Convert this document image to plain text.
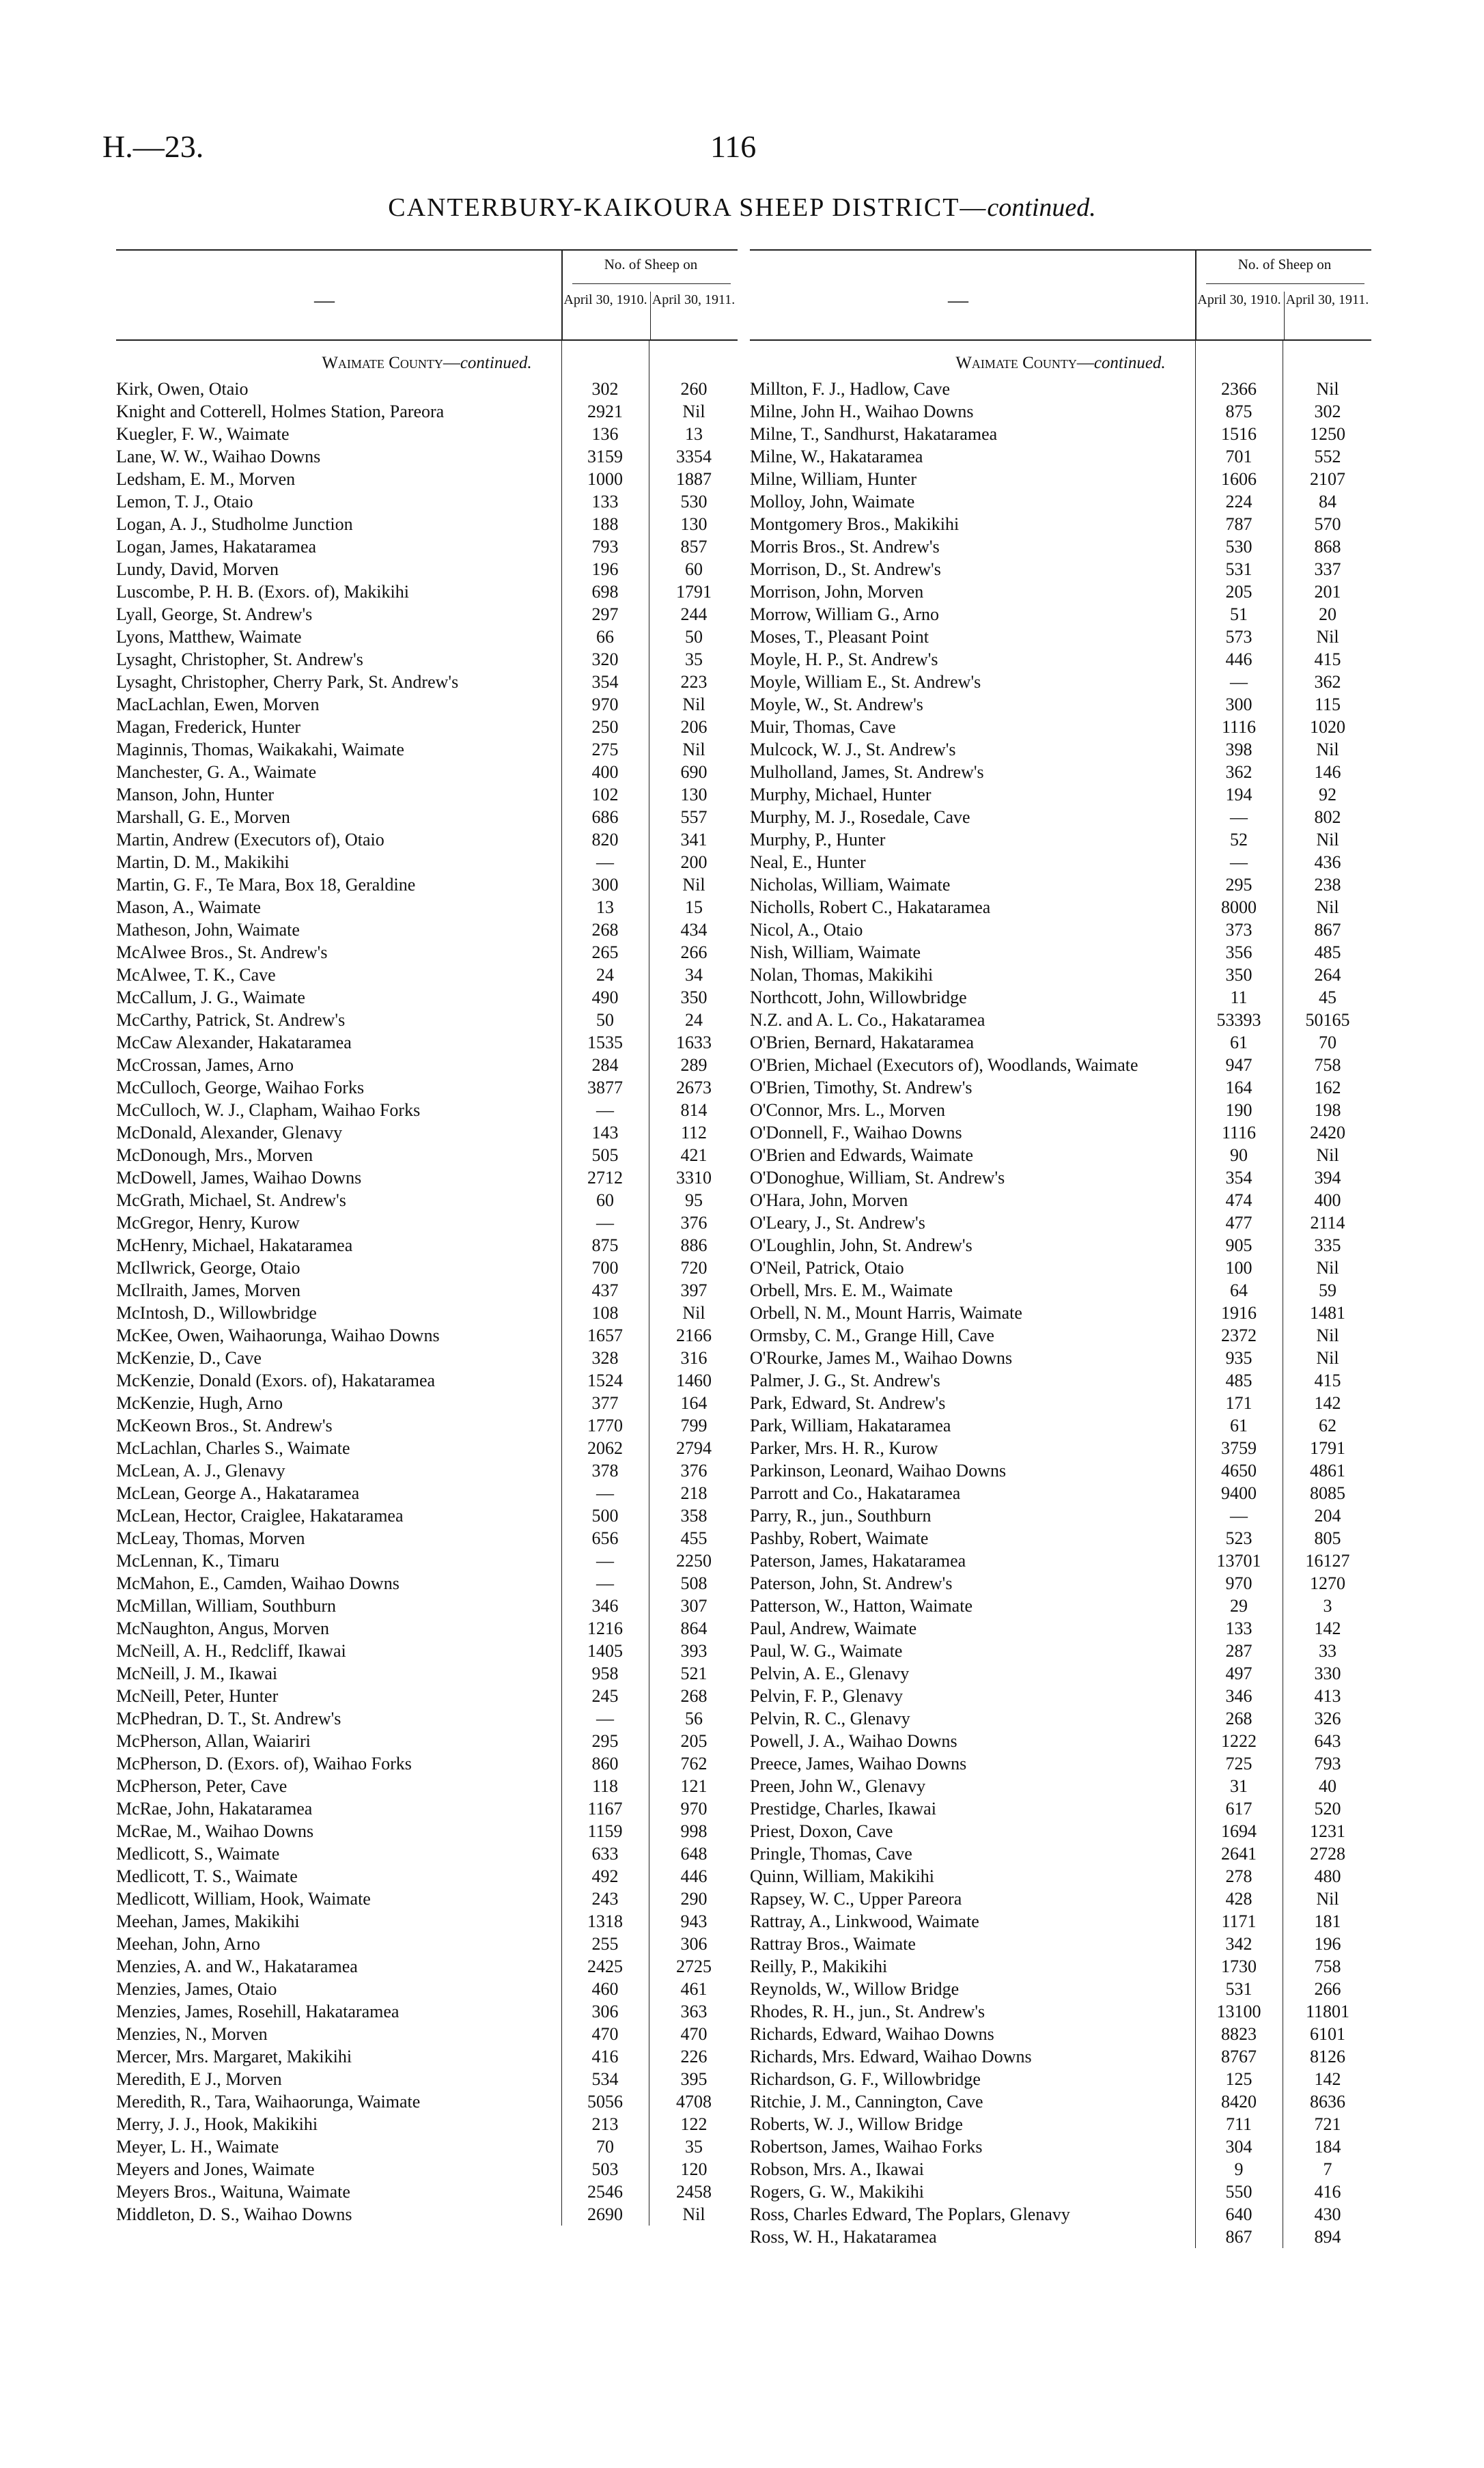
H.—23.	116
CANTERBURY-KAIKOURA SHEEP DISTRICT—continued.
—
No. of Sheep on
April 30, 1910. April 30, 1911.
Waimate County—continued.
Kirk, Owen, Otaio	302	260
Knight and Cotterell, Holmes Station, Pareora	2921	Nil
Kuegler, F. W., Waimate	136	13
Lane, W. W., Waihao Downs	3159	3354
Ledsham, E. M., Morven	1000	1887
Lemon, T. J., Otaio	133	530
Logan, A. J., Studholme Junction	188	130
Logan, James, Hakataramea	793	857
Lundy, David, Morven	196	60
Luscombe, P. H. B. (Exors. of), Makikihi	698	1791
Lyall, George, St. Andrew's	297	244
Lyons, Matthew, Waimate	66	50
Lysaght, Christopher, St. Andrew's	320	35
Lysaght, Christopher, Cherry Park, St. Andrew's	354	223
MacLachlan, Ewen, Morven	970	Nil
Magan, Frederick, Hunter	250	206
Maginnis, Thomas, Waikakahi, Waimate	275	Nil
Manchester, G. A., Waimate	400	690
Manson, John, Hunter	102	130
Marshall, G. E., Morven	686	557
Martin, Andrew (Executors of), Otaio	820	341
Martin, D. M., Makikihi	—	200
Martin, G. F., Te Mara, Box 18, Geraldine	300	Nil
Mason, A., Waimate	13	15
Matheson, John, Waimate	268	434
McAlwee Bros., St. Andrew's	265	266
McAlwee, T. K., Cave	24	34
McCallum, J. G., Waimate	490	350
McCarthy, Patrick, St. Andrew's	50	24
McCaw Alexander, Hakataramea	1535	1633
McCrossan, James, Arno	284	289
McCulloch, George, Waihao Forks	3877	2673
McCulloch, W. J., Clapham, Waihao Forks	—	814
McDonald, Alexander, Glenavy	143	112
McDonough, Mrs., Morven	505	421
McDowell, James, Waihao Downs	2712	3310
McGrath, Michael, St. Andrew's	60	95
McGregor, Henry, Kurow	—	376
McHenry, Michael, Hakataramea	875	886
McIlwrick, George, Otaio	700	720
McIlraith, James, Morven	437	397
McIntosh, D., Willowbridge	108	Nil
McKee, Owen, Waihaorunga, Waihao Downs	1657	2166
McKenzie, D., Cave	328	316
McKenzie, Donald (Exors. of), Hakataramea	1524	1460
McKenzie, Hugh, Arno	377	164
McKeown Bros., St. Andrew's	1770	799
McLachlan, Charles S., Waimate	2062	2794
McLean, A. J., Glenavy	378	376
McLean, George A., Hakataramea	—	218
McLean, Hector, Craiglee, Hakataramea	500	358
McLeay, Thomas, Morven	656	455
McLennan, K., Timaru	—	2250
McMahon, E., Camden, Waihao Downs	—	508
McMillan, William, Southburn	346	307
McNaughton, Angus, Morven	1216	864
McNeill, A. H., Redcliff, Ikawai	1405	393
McNeill, J. M., Ikawai	958	521
McNeill, Peter, Hunter	245	268
McPhedran, D. T., St. Andrew's	—	56
McPherson, Allan, Waiariri	295	205
McPherson, D. (Exors. of), Waihao Forks	860	762
McPherson, Peter, Cave	118	121
McRae, John, Hakataramea	1167	970
McRae, M., Waihao Downs	1159	998
Medlicott, S., Waimate	633	648
Medlicott, T. S., Waimate	492	446
Medlicott, William, Hook, Waimate	243	290
Meehan, James, Makikihi	1318	943
Meehan, John, Arno	255	306
Menzies, A. and W., Hakataramea	2425	2725
Menzies, James, Otaio	460	461
Menzies, James, Rosehill, Hakataramea	306	363
Menzies, N., Morven	470	470
Mercer, Mrs. Margaret, Makikihi	416	226
Meredith, E J., Morven	534	395
Meredith, R., Tara, Waihaorunga, Waimate	5056	4708
Merry, J. J., Hook, Makikihi	213	122
Meyer, L. H., Waimate	70	35
Meyers and Jones, Waimate	503	120
Meyers Bros., Waituna, Waimate	2546	2458
Middleton, D. S., Waihao Downs	2690	Nil
—
No. of Sheep on
April 30, 1910. April 30, 1911.
Waimate County—continued.
Millton, F. J., Hadlow, Cave	2366	Nil
Milne, John H., Waihao Downs	875	302
Milne, T., Sandhurst, Hakataramea	1516	1250
Milne, W., Hakataramea	701	552
Milne, William, Hunter	1606	2107
Molloy, John, Waimate	224	84
Montgomery Bros., Makikihi	787	570
Morris Bros., St. Andrew's	530	868
Morrison, D., St. Andrew's	531	337
Morrison, John, Morven	205	201
Morrow, William G., Arno	51	20
Moses, T., Pleasant Point	573	Nil
Moyle, H. P., St. Andrew's	446	415
Moyle, William E., St. Andrew's	—	362
Moyle, W., St. Andrew's	300	115
Muir, Thomas, Cave	1116	1020
Mulcock, W. J., St. Andrew's	398	Nil
Mulholland, James, St. Andrew's	362	146
Murphy, Michael, Hunter	194	92
Murphy, M. J., Rosedale, Cave	—	802
Murphy, P., Hunter	52	Nil
Neal, E., Hunter	—	436
Nicholas, William, Waimate	295	238
Nicholls, Robert C., Hakataramea	8000	Nil
Nicol, A., Otaio	373	867
Nish, William, Waimate	356	485
Nolan, Thomas, Makikihi	350	264
Northcott, John, Willowbridge	11	45
N.Z. and A. L. Co., Hakataramea	53393	50165
O'Brien, Bernard, Hakataramea	61	70
O'Brien, Michael (Executors of), Woodlands, Waimate	947	758
O'Brien, Timothy, St. Andrew's	164	162
O'Connor, Mrs. L., Morven	190	198
O'Donnell, F., Waihao Downs	1116	2420
O'Brien and Edwards, Waimate	90	Nil
O'Donoghue, William, St. Andrew's	354	394
O'Hara, John, Morven	474	400
O'Leary, J., St. Andrew's	477	2114
O'Loughlin, John, St. Andrew's	905	335
O'Neil, Patrick, Otaio	100	Nil
Orbell, Mrs. E. M., Waimate	64	59
Orbell, N. M., Mount Harris, Waimate	1916	1481
Ormsby, C. M., Grange Hill, Cave	2372	Nil
O'Rourke, James M., Waihao Downs	935	Nil
Palmer, J. G., St. Andrew's	485	415
Park, Edward, St. Andrew's	171	142
Park, William, Hakataramea	61	62
Parker, Mrs. H. R., Kurow	3759	1791
Parkinson, Leonard, Waihao Downs	4650	4861
Parrott and Co., Hakataramea	9400	8085
Parry, R., jun., Southburn	—	204
Pashby, Robert, Waimate	523	805
Paterson, James, Hakataramea	13701	16127
Paterson, John, St. Andrew's	970	1270
Patterson, W., Hatton, Waimate	29	3
Paul, Andrew, Waimate	133	142
Paul, W. G., Waimate	287	33
Pelvin, A. E., Glenavy	497	330
Pelvin, F. P., Glenavy	346	413
Pelvin, R. C., Glenavy	268	326
Powell, J. A., Waihao Downs	1222	643
Preece, James, Waihao Downs	725	793
Preen, John W., Glenavy	31	40
Prestidge, Charles, Ikawai	617	520
Priest, Doxon, Cave	1694	1231
Pringle, Thomas, Cave	2641	2728
Quinn, William, Makikihi	278	480
Rapsey, W. C., Upper Pareora	428	Nil
Rattray, A., Linkwood, Waimate	1171	181
Rattray Bros., Waimate	342	196
Reilly, P., Makikihi	1730	758
Reynolds, W., Willow Bridge	531	266
Rhodes, R. H., jun., St. Andrew's	13100	11801
Richards, Edward, Waihao Downs	8823	6101
Richards, Mrs. Edward, Waihao Downs	8767	8126
Richardson, G. F., Willowbridge	125	142
Ritchie, J. M., Cannington, Cave	8420	8636
Roberts, W. J., Willow Bridge	711	721
Robertson, James, Waihao Forks	304	184
Robson, Mrs. A., Ikawai	9	7
Rogers, G. W., Makikihi	550	416
Ross, Charles Edward, The Poplars, Glenavy	640	430
Ross, W. H., Hakataramea	867	894
